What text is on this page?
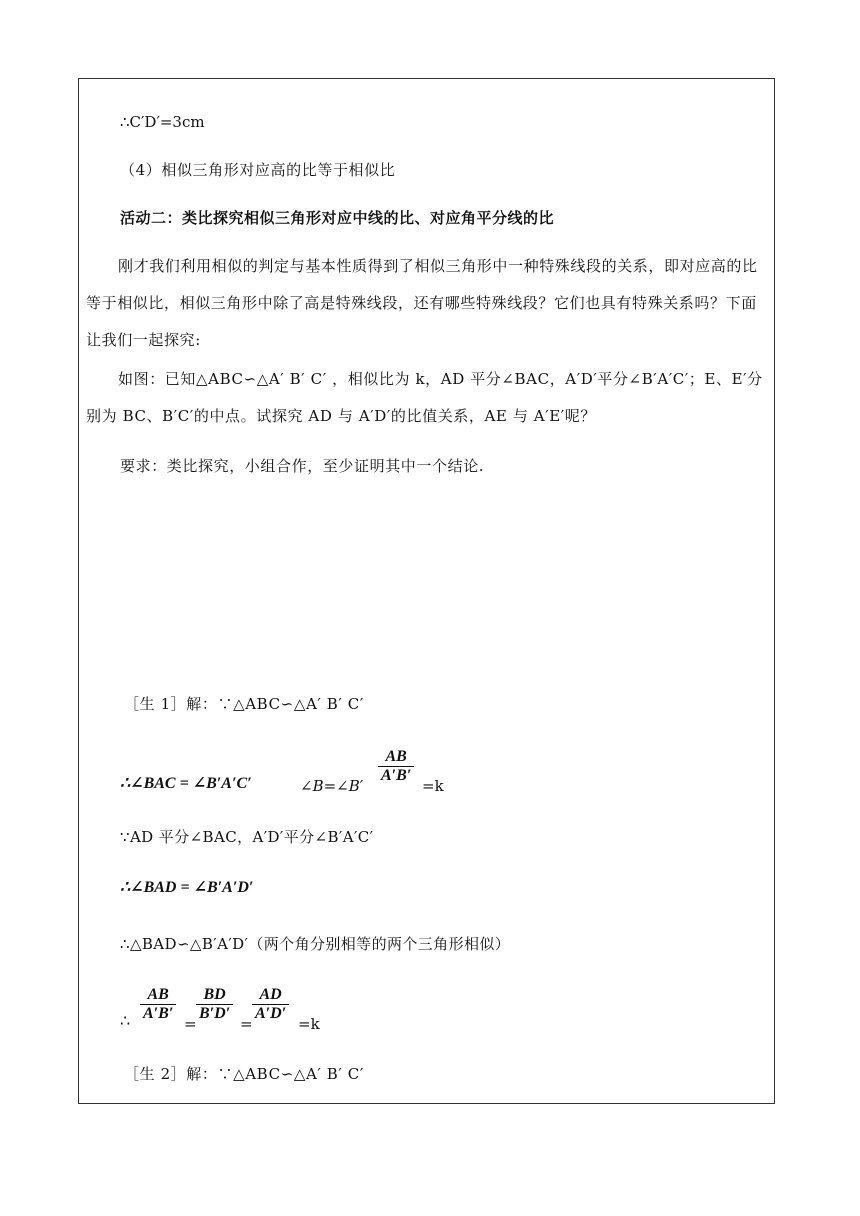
∴C′D′=3cm
（4）相似三角形对应高的比等于相似比
活动二：类比探究相似三角形对应中线的比、对应角平分线的比
刚才我们利用相似的判定与基本性质得到了相似三角形中一种特殊线段的关系，即对应高的比等于相似比，相似三角形中除了高是特殊线段，还有哪些特殊线段？它们也具有特殊关系吗？下面让我们一起探究:
如图：已知△ABC∽△A′ B′ C′ ，相似比为 k，AD 平分∠BAC，A′D′平分∠B′A′C′；E、E′分别为 BC、B′C′的中点。试探究 AD 与 A′D′的比值关系，AE 与 A′E′呢？
要求：类比探究，小组合作，至少证明其中一个结论.
［生 1］解：∵△ABC∽△A′ B′ C′
∴∠BAC = ∠B′A′C′	∠B=∠B′
$\frac{AB}{A'B'}$
=k
∵AD 平分∠BAC，A′D′平分∠B′A′C′
∴∠BAD = ∠B′A′D′
∴△BAD∽△B′A′D′（两个角分别相等的两个三角形相似）
∴ $\frac{AB}{A'B'}$
=
$\frac{BD}{B'D'}$
=
$\frac{AD}{A'D'}$
=k
［生 2］解：∵△ABC∽△A′ B′ C′
